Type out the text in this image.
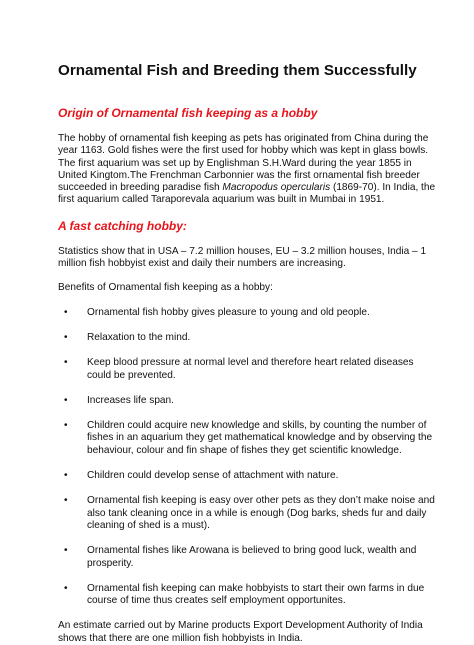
Ornamental Fish and Breeding them Successfully
Origin of Ornamental fish keeping as a hobby

The hobby of ornamental fish keeping as pets has originated from China during the year 1163. Gold fishes were the first used for hobby which was kept in glass bowls. The first aquarium was set up by Englishman S.H.Ward during the year 1855 in United Kingtom.The Frenchman Carbonnier was the first ornamental fish breeder succeeded in breeding paradise fish Macropodus opercularis (1869-70). In India, the first aquarium called Taraporevala aquarium was built in Mumbai in 1951.

A fast catching hobby:

Statistics show that in USA – 7.2 million houses, EU – 3.2 million houses, India – 1 million fish hobbyist exist and daily their numbers are increasing.

Benefits of Ornamental fish keeping as a hobby:

• Ornamental fish hobby gives pleasure to young and old people.
• Relaxation to the mind.
• Keep blood pressure at normal level and therefore heart related diseases could be prevented.
• Increases life span.
• Children could acquire new knowledge and skills, by counting the number of fishes in an aquarium they get mathematical knowledge and by observing the behaviour, colour and fin shape of fishes they get scientific knowledge.
• Children could develop sense of attachment with nature.
• Ornamental fish keeping is easy over other pets as they don’t make noise and also tank cleaning once in a while is enough (Dog barks, sheds fur and daily cleaning of shed is a must).
• Ornamental fishes like Arowana is believed to bring good luck, wealth and prosperity.
• Ornamental fish keeping can make hobbyists to start their own farms in due course of time thus creates self employment opportunites.

An estimate carried out by Marine products Export Development Authority of India shows that there are one million fish hobbyists in India.
